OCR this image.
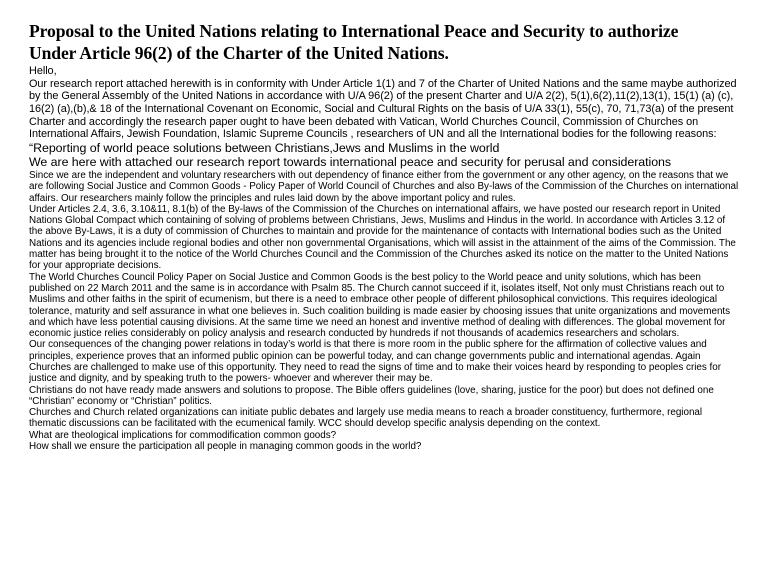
Proposal to the United Nations relating to International Peace and Security to authorize Under Article 96(2) of the Charter of the United Nations.

Hello,

Our research report attached herewith is in conformity with Under Article 1(1) and 7 of the Charter of United Nations and the same maybe authorized by the General Assembly of the United Nations in accordance with U/A 96(2) of the present Charter and U/A 2(2), 5(1),6(2),11(2),13(1), 15(1) (a) (c), 16(2) (a),(b),& 18 of the International Covenant on Economic, Social and Cultural Rights on the basis of U/A 33(1), 55(c), 70, 71,73(a) of the present Charter and accordingly the research paper ought to have been debated with Vatican, World Churches Council, Commission of Churches on International Affairs, Jewish Foundation, Islamic Supreme Councils , researchers of UN and all the International bodies for the following reasons:

“Reporting of world peace solutions between Christians,Jews and Muslims in the world

We are here with attached our research report towards international peace and security for perusal and considerations

Since we are the independent and voluntary researchers with out dependency of finance either from the government or any other agency, on the reasons that we are following Social Justice and Common Goods - Policy Paper of World Council of Churches and also By-laws of the Commission of the Churches on international affairs. Our researchers mainly follow the principles and rules laid down by the above important policy and rules.

Under Articles 2.4, 3.6, 3.10&11, 8.1(b) of the By-laws of the Commission of the Churches on international affairs, we have posted our research report in United Nations Global Compact which containing of solving of problems between Christians, Jews, Muslims and Hindus in the world. In accordance with Articles 3.12 of the above By-Laws, it is a duty of commission of Churches to maintain and provide for the maintenance of contacts with International bodies such as the United Nations and its agencies include regional bodies and other non governmental Organisations, which will assist in the attainment of the aims of the Commission. The matter has being brought it to the notice of the World Churches Council and the Commission of the Churches asked its notice on the matter to the United Nations for your appropriate decisions.

The World Churches Council Policy Paper on Social Justice and Common Goods is the best policy to the World peace and unity solutions, which has been published on 22 March 2011 and the same is in accordance with Psalm 85. The Church cannot succeed if it, isolates itself, Not only must Christians reach out to Muslims and other faiths in the spirit of ecumenism, but there is a need to embrace other people of different philosophical convictions. This requires ideological tolerance, maturity and self assurance in what one believes in. Such coalition building is made easier by choosing issues that unite organizations and movements and which have less potential causing divisions. At the same time we need an honest and inventive method of dealing with differences. The global movement for economic justice relies considerably on policy analysis and research conducted by hundreds if not thousands of academics researchers and scholars.

Our consequences of the changing power relations in today’s world is that there is more room in the public sphere for the affirmation of collective values and principles, experience proves that an informed public opinion can be powerful today, and can change governments public and international agendas. Again Churches are challenged to make use of this opportunity. They need to read the signs of time and to make their voices heard by responding to peoples cries for justice and dignity, and by speaking truth to the powers- whoever and wherever their may be.

Christians do not have ready made answers and solutions to propose. The Bible offers guidelines (love, sharing, justice for the poor) but does not defined one “Christian” economy or “Christian” politics.

Churches and Church related organizations can initiate public debates and largely use media means to reach a broader constituency, furthermore, regional thematic discussions can be facilitated with the ecumenical family. WCC should develop specific analysis depending on the context.

What are theological implications for commodification common goods?

How shall we ensure the participation all people in managing common goods in the world?
